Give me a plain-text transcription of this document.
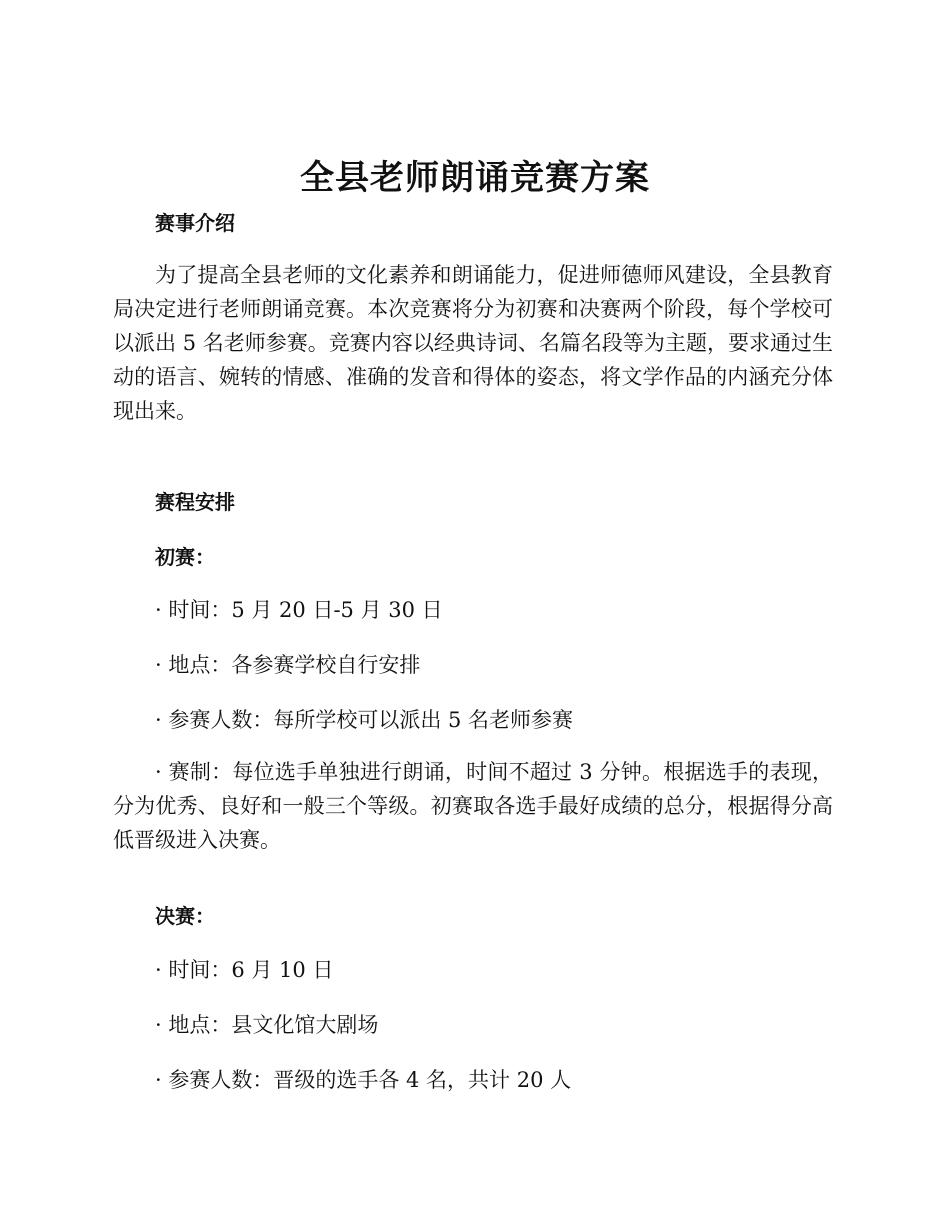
全县老师朗诵竞赛方案
赛事介绍

为了提高全县老师的文化素养和朗诵能力，促进师德师风建设，全县教育局决定进行老师朗诵竞赛。本次竞赛将分为初赛和决赛两个阶段，每个学校可以派出 5 名老师参赛。竞赛内容以经典诗词、名篇名段等为主题，要求通过生动的语言、婉转的情感、准确的发音和得体的姿态，将文学作品的内涵充分体现出来。

赛程安排
初赛：

· 时间：5 月 20 日-5 月 30 日

· 地点：各参赛学校自行安排

· 参赛人数：每所学校可以派出 5 名老师参赛

· 赛制：每位选手单独进行朗诵，时间不超过 3 分钟。根据选手的表现，分为优秀、良好和一般三个等级。初赛取各选手最好成绩的总分，根据得分高低晋级进入决赛。

决赛：

· 时间：6 月 10 日

· 地点：县文化馆大剧场

· 参赛人数：晋级的选手各 4 名，共计 20 人
